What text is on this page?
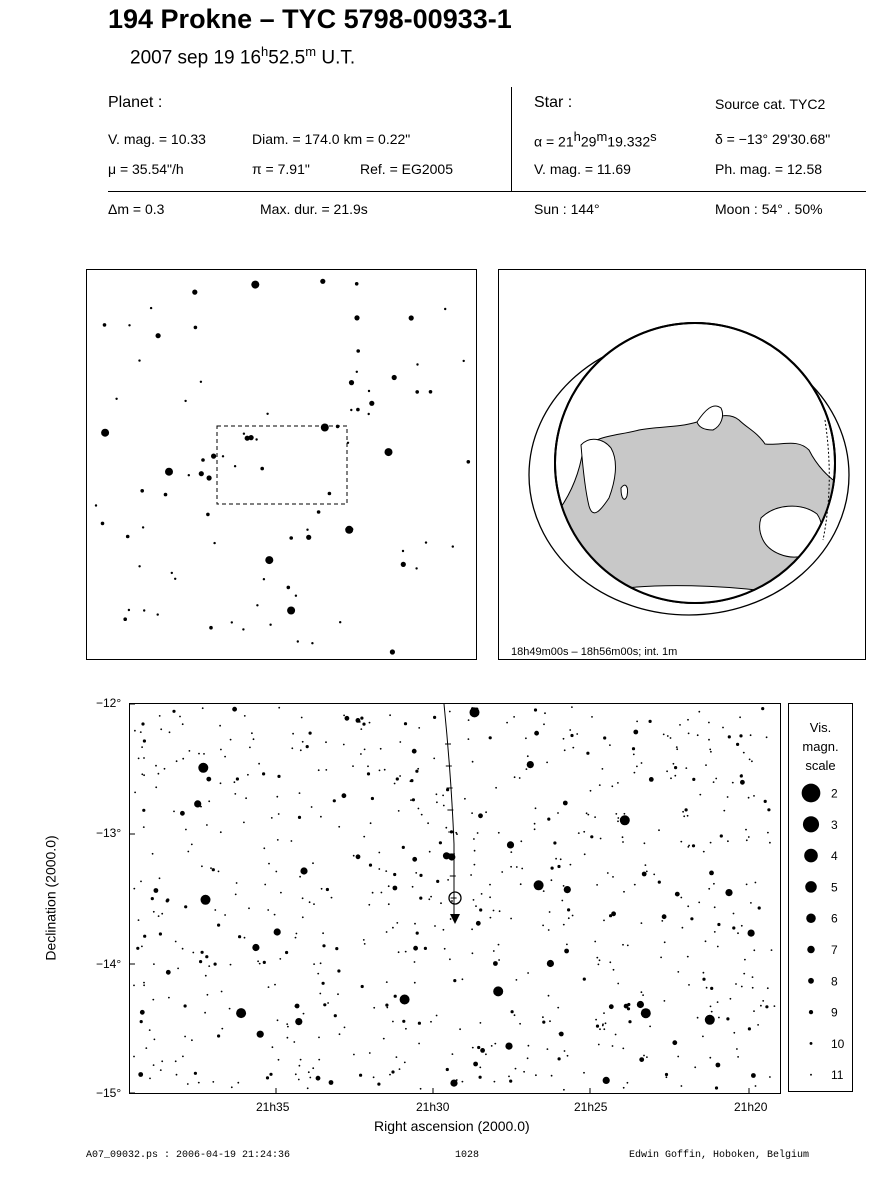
194 Prokne – TYC 5798-00933-1
2007 sep 19 16$^h$52.5$^m$ U.T.
Planet :
V. mag. = 10.33	Diam. = 174.0 km = 0.22"
μ = 35.54"/h	π = 7.91"	Ref. = EG2005
Star :	Source cat. TYC2
α = 21h29m19.332s	δ = −13° 29'30.68"
V. mag. = 11.69	Ph. mag. = 12.58
Δm = 0.3	Max. dur. = 21.9s	Sun : 144°	Moon : 54° . 50%
18h49m00s – 18h56m00s; int. 1m
−12°
−13°
−14°
−15°
21h35	21h30	21h25	21h20
Right ascension (2000.0)
Declination (2000.0)
Vis.
magn.
scale
2
3
4
5
6
7
8
9
10
11
A07_09032.ps : 2006-04-19 21:24:36	1028	Edwin Goffin, Hoboken, Belgium
